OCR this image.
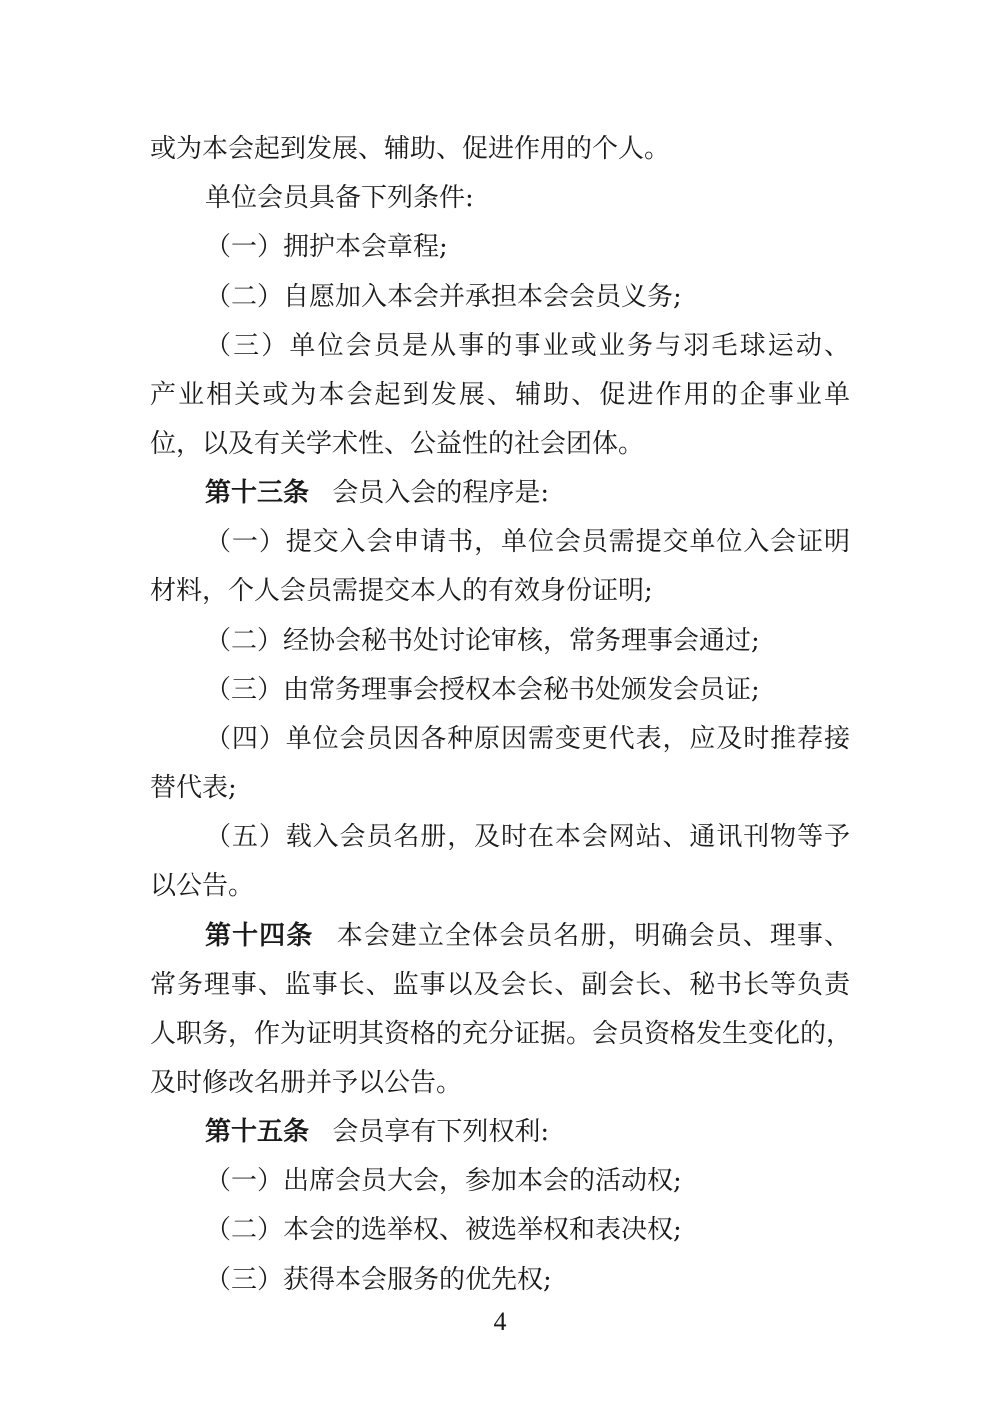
或为本会起到发展、辅助、促进作用的个人。
单位会员具备下列条件:
（一）拥护本会章程;
（二）自愿加入本会并承担本会会员义务;
（三）单位会员是从事的事业或业务与羽毛球运动、
产业相关或为本会起到发展、辅助、促进作用的企事业单
位，以及有关学术性、公益性的社会团体。
第十三条 会员入会的程序是:
（一）提交入会申请书，单位会员需提交单位入会证明
材料，个人会员需提交本人的有效身份证明;
（二）经协会秘书处讨论审核，常务理事会通过;
（三）由常务理事会授权本会秘书处颁发会员证;
（四）单位会员因各种原因需变更代表，应及时推荐接
替代表;
（五）载入会员名册，及时在本会网站、通讯刊物等予
以公告。
第十四条 本会建立全体会员名册，明确会员、理事、
常务理事、监事长、监事以及会长、副会长、秘书长等负责
人职务，作为证明其资格的充分证据。会员资格发生变化的，
及时修改名册并予以公告。
第十五条 会员享有下列权利:
（一）出席会员大会，参加本会的活动权;
（二）本会的选举权、被选举权和表决权;
（三）获得本会服务的优先权;
4
